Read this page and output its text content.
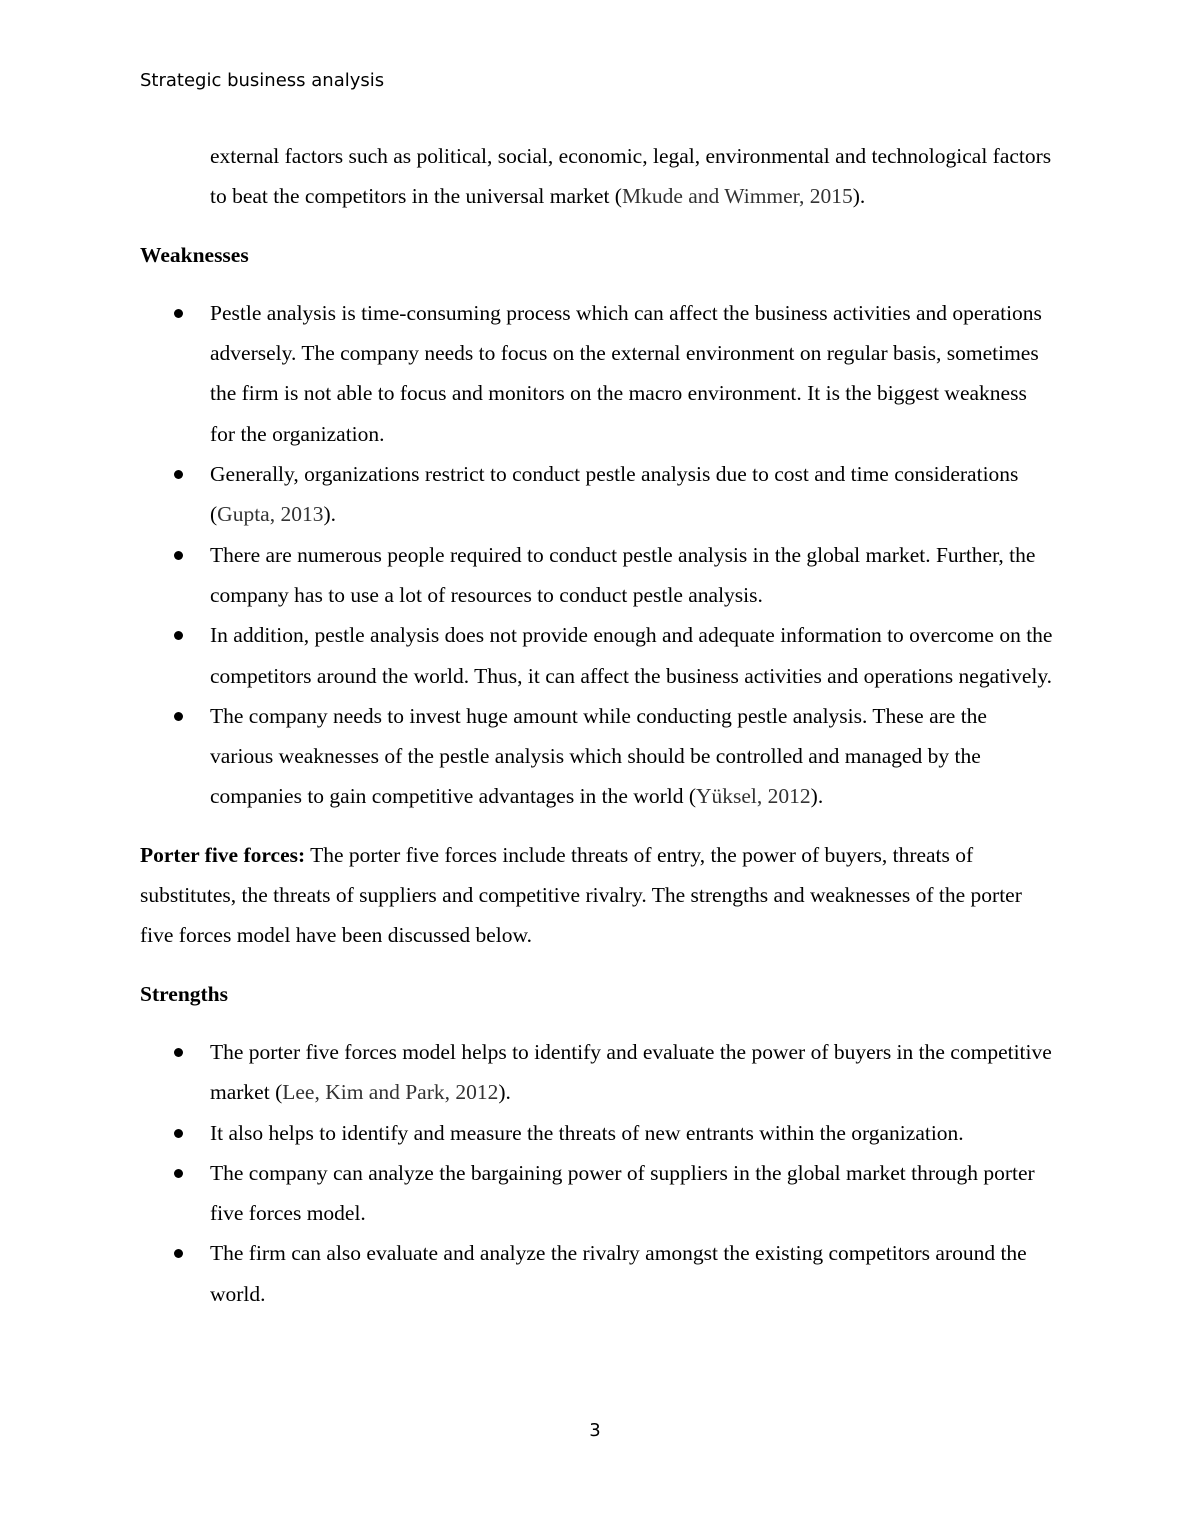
Strategic business analysis

external factors such as political, social, economic, legal, environmental and technological factors to beat the competitors in the universal market (Mkude and Wimmer, 2015).

Weaknesses
Pestle analysis is time-consuming process which can affect the business activities and operations adversely. The company needs to focus on the external environment on regular basis, sometimes the firm is not able to focus and monitors on the macro environment. It is the biggest weakness for the organization.
Generally, organizations restrict to conduct pestle analysis due to cost and time considerations (Gupta, 2013).
There are numerous people required to conduct pestle analysis in the global market. Further, the company has to use a lot of resources to conduct pestle analysis.
In addition, pestle analysis does not provide enough and adequate information to overcome on the competitors around the world. Thus, it can affect the business activities and operations negatively.
The company needs to invest huge amount while conducting pestle analysis. These are the various weaknesses of the pestle analysis which should be controlled and managed by the companies to gain competitive advantages in the world (Yüksel, 2012).

Porter five forces: The porter five forces include threats of entry, the power of buyers, threats of substitutes, the threats of suppliers and competitive rivalry. The strengths and weaknesses of the porter five forces model have been discussed below.

Strengths
The porter five forces model helps to identify and evaluate the power of buyers in the competitive market (Lee, Kim and Park, 2012).
It also helps to identify and measure the threats of new entrants within the organization.
The company can analyze the bargaining power of suppliers in the global market through porter five forces model.
The firm can also evaluate and analyze the rivalry amongst the existing competitors around the world.
3
